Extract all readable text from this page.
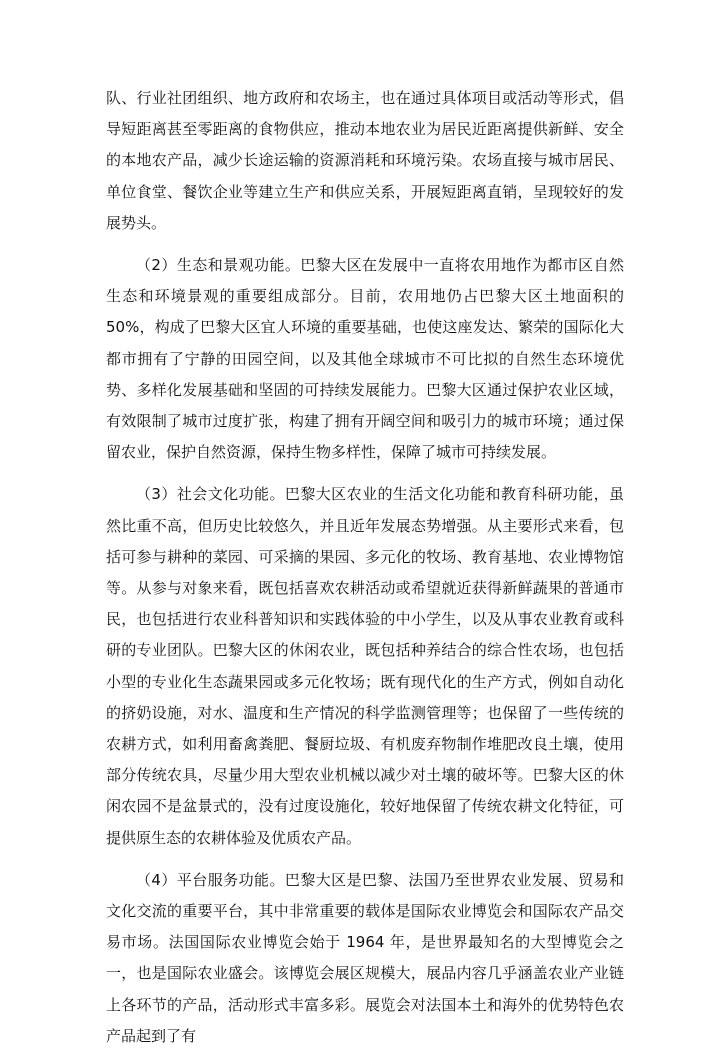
队、行业社团组织、地方政府和农场主，也在通过具体项目或活动等形式，倡导短距离甚至零距离的食物供应，推动本地农业为居民近距离提供新鲜、安全的本地农产品，减少长途运输的资源消耗和环境污染。农场直接与城市居民、单位食堂、餐饮企业等建立生产和供应关系，开展短距离直销，呈现较好的发展势头。

（2）生态和景观功能。巴黎大区在发展中一直将农用地作为都市区自然生态和环境景观的重要组成部分。目前，农用地仍占巴黎大区土地面积的 50%，构成了巴黎大区宜人环境的重要基础，也使这座发达、繁荣的国际化大都市拥有了宁静的田园空间，以及其他全球城市不可比拟的自然生态环境优势、多样化发展基础和坚固的可持续发展能力。巴黎大区通过保护农业区域，有效限制了城市过度扩张，构建了拥有开阔空间和吸引力的城市环境；通过保留农业，保护自然资源，保持生物多样性，保障了城市可持续发展。

（3）社会文化功能。巴黎大区农业的生活文化功能和教育科研功能，虽然比重不高，但历史比较悠久，并且近年发展态势增强。从主要形式来看，包括可参与耕种的菜园、可采摘的果园、多元化的牧场、教育基地、农业博物馆等。从参与对象来看，既包括喜欢农耕活动或希望就近获得新鲜蔬果的普通市民，也包括进行农业科普知识和实践体验的中小学生，以及从事农业教育或科研的专业团队。巴黎大区的休闲农业，既包括种养结合的综合性农场，也包括小型的专业化生态蔬果园或多元化牧场；既有现代化的生产方式，例如自动化的挤奶设施，对水、温度和生产情况的科学监测管理等；也保留了一些传统的农耕方式，如利用畜禽粪肥、餐厨垃圾、有机废弃物制作堆肥改良土壤，使用部分传统农具，尽量少用大型农业机械以减少对土壤的破坏等。巴黎大区的休闲农园不是盆景式的，没有过度设施化，较好地保留了传统农耕文化特征，可提供原生态的农耕体验及优质农产品。

（4）平台服务功能。巴黎大区是巴黎、法国乃至世界农业发展、贸易和文化交流的重要平台，其中非常重要的载体是国际农业博览会和国际农产品交易市场。法国国际农业博览会始于 1964 年，是世界最知名的大型博览会之一，也是国际农业盛会。该博览会展区规模大，展品内容几乎涵盖农业产业链上各环节的产品，活动形式丰富多彩。展览会对法国本土和海外的优势特色农产品起到了有
